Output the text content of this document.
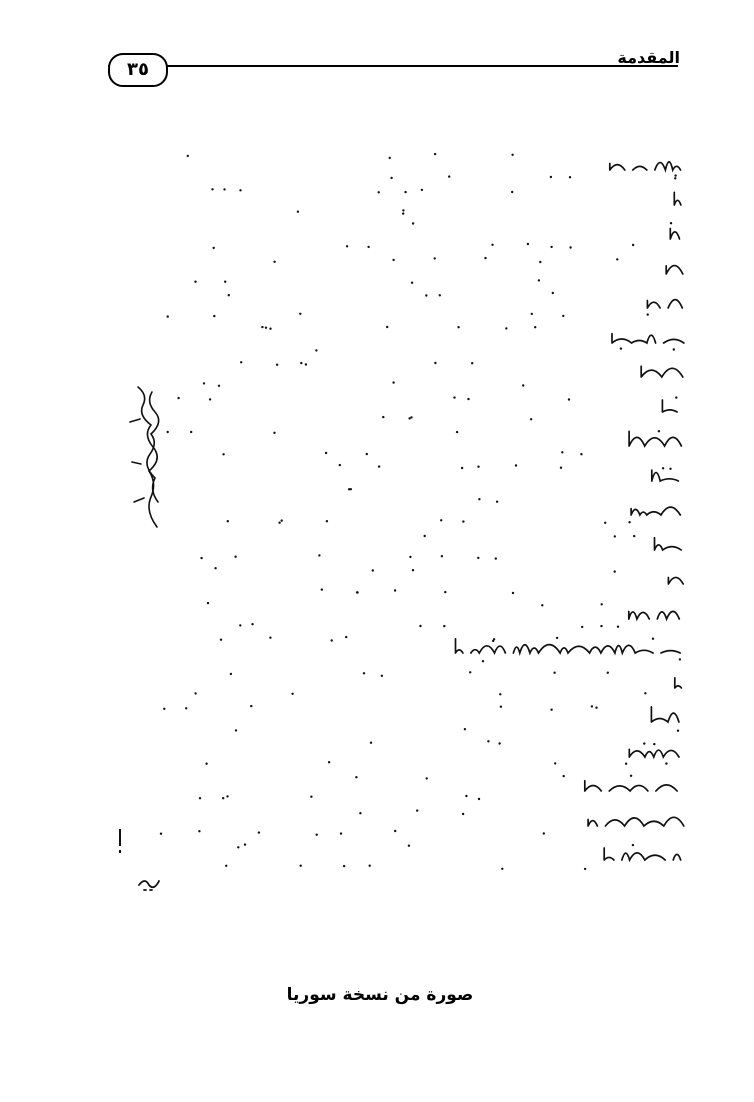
٣٥
المقدمة
صورة من نسخة سوريا
